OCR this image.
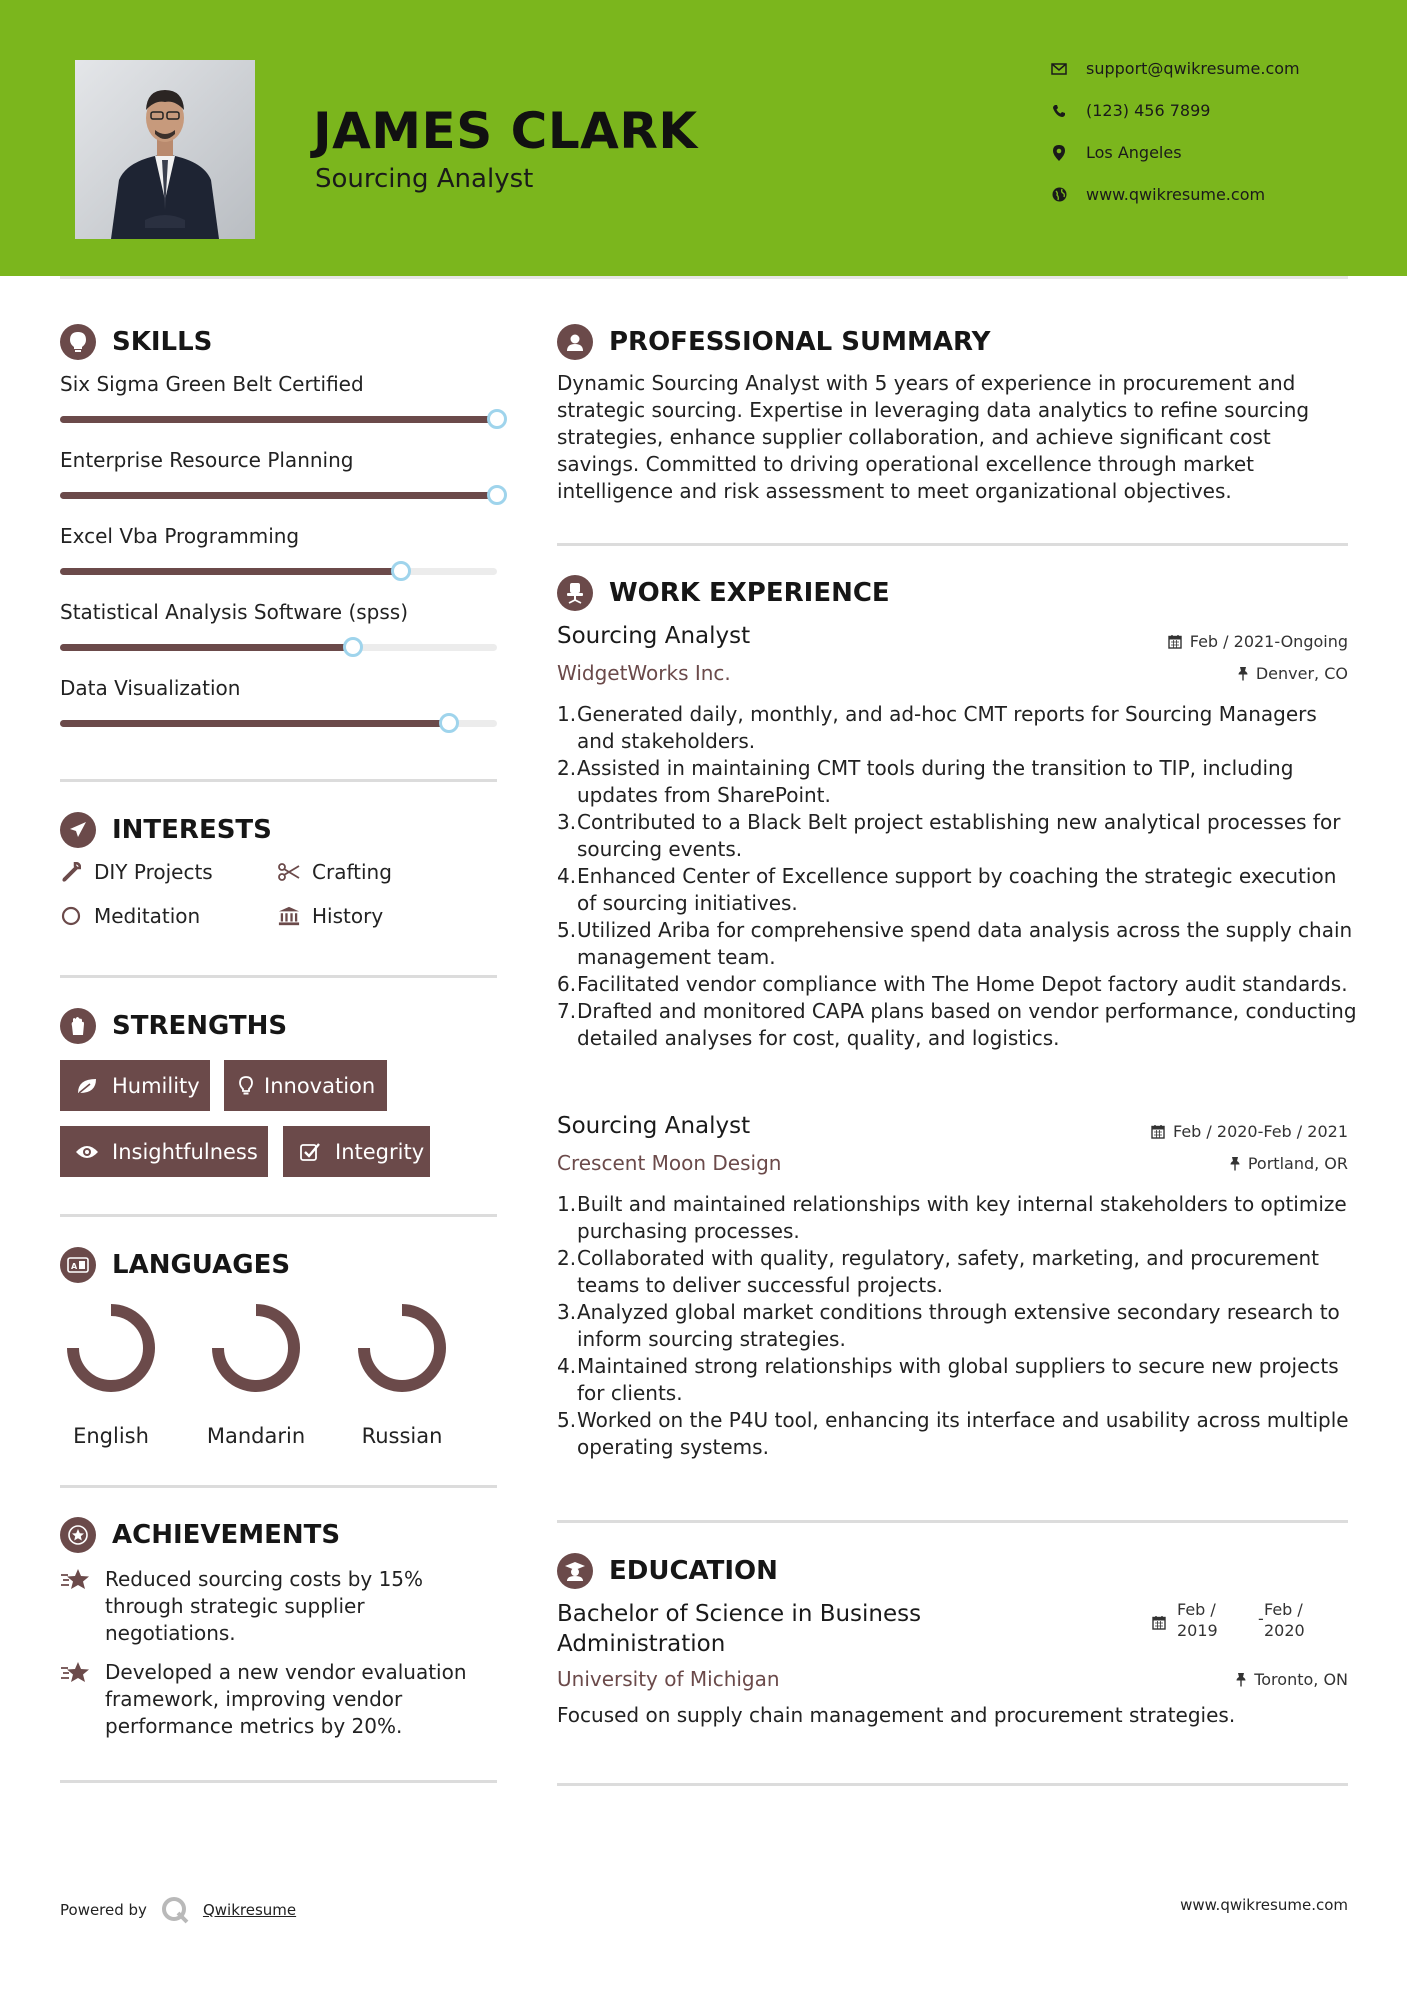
JAMES CLARK
Sourcing Analyst
support@qwikresume.com
(123) 456 7899
Los Angeles
www.qwikresume.com
SKILLS
Six Sigma Green Belt Certified
Enterprise Resource Planning
Excel Vba Programming
Statistical Analysis Software (spss)
Data Visualization
INTERESTS
DIY Projects	Crafting
Meditation	History
STRENGTHS
Humility	Innovation
Insightfulness	Integrity
A LANGUAGES
English	Mandarin	Russian
ACHIEVEMENTS
Reduced sourcing costs by 15% through strategic supplier negotiations.
Developed a new vendor evaluation framework, improving vendor performance metrics by 20%.
PROFESSIONAL SUMMARY
Dynamic Sourcing Analyst with 5 years of experience in procurement and strategic sourcing. Expertise in leveraging data analytics to refine sourcing strategies, enhance supplier collaboration, and achieve significant cost savings. Committed to driving operational excellence through market intelligence and risk assessment to meet organizational objectives.
WORK EXPERIENCE
Sourcing Analyst	Feb / 2021-Ongoing
WidgetWorks Inc.	Denver, CO
1. Generated daily, monthly, and ad-hoc CMT reports for Sourcing Managers and stakeholders.
2. Assisted in maintaining CMT tools during the transition to TIP, including updates from SharePoint.
3. Contributed to a Black Belt project establishing new analytical processes for sourcing events.
4. Enhanced Center of Excellence support by coaching the strategic execution of sourcing initiatives.
5. Utilized Ariba for comprehensive spend data analysis across the supply chain management team.
6. Facilitated vendor compliance with The Home Depot factory audit standards.
7. Drafted and monitored CAPA plans based on vendor performance, conducting detailed analyses for cost, quality, and logistics.
Sourcing Analyst	Feb / 2020-Feb / 2021
Crescent Moon Design	Portland, OR
1. Built and maintained relationships with key internal stakeholders to optimize purchasing processes.
2. Collaborated with quality, regulatory, safety, marketing, and procurement teams to deliver successful projects.
3. Analyzed global market conditions through extensive secondary research to inform sourcing strategies.
4. Maintained strong relationships with global suppliers to secure new projects for clients.
5. Worked on the P4U tool, enhancing its interface and usability across multiple operating systems.
EDUCATION
Bachelor of Science in Business Administration
Feb /
2019
- Feb /
2020
University of Michigan	Toronto, ON
Focused on supply chain management and procurement strategies.
Powered by	Qwikresume	www.qwikresume.com
